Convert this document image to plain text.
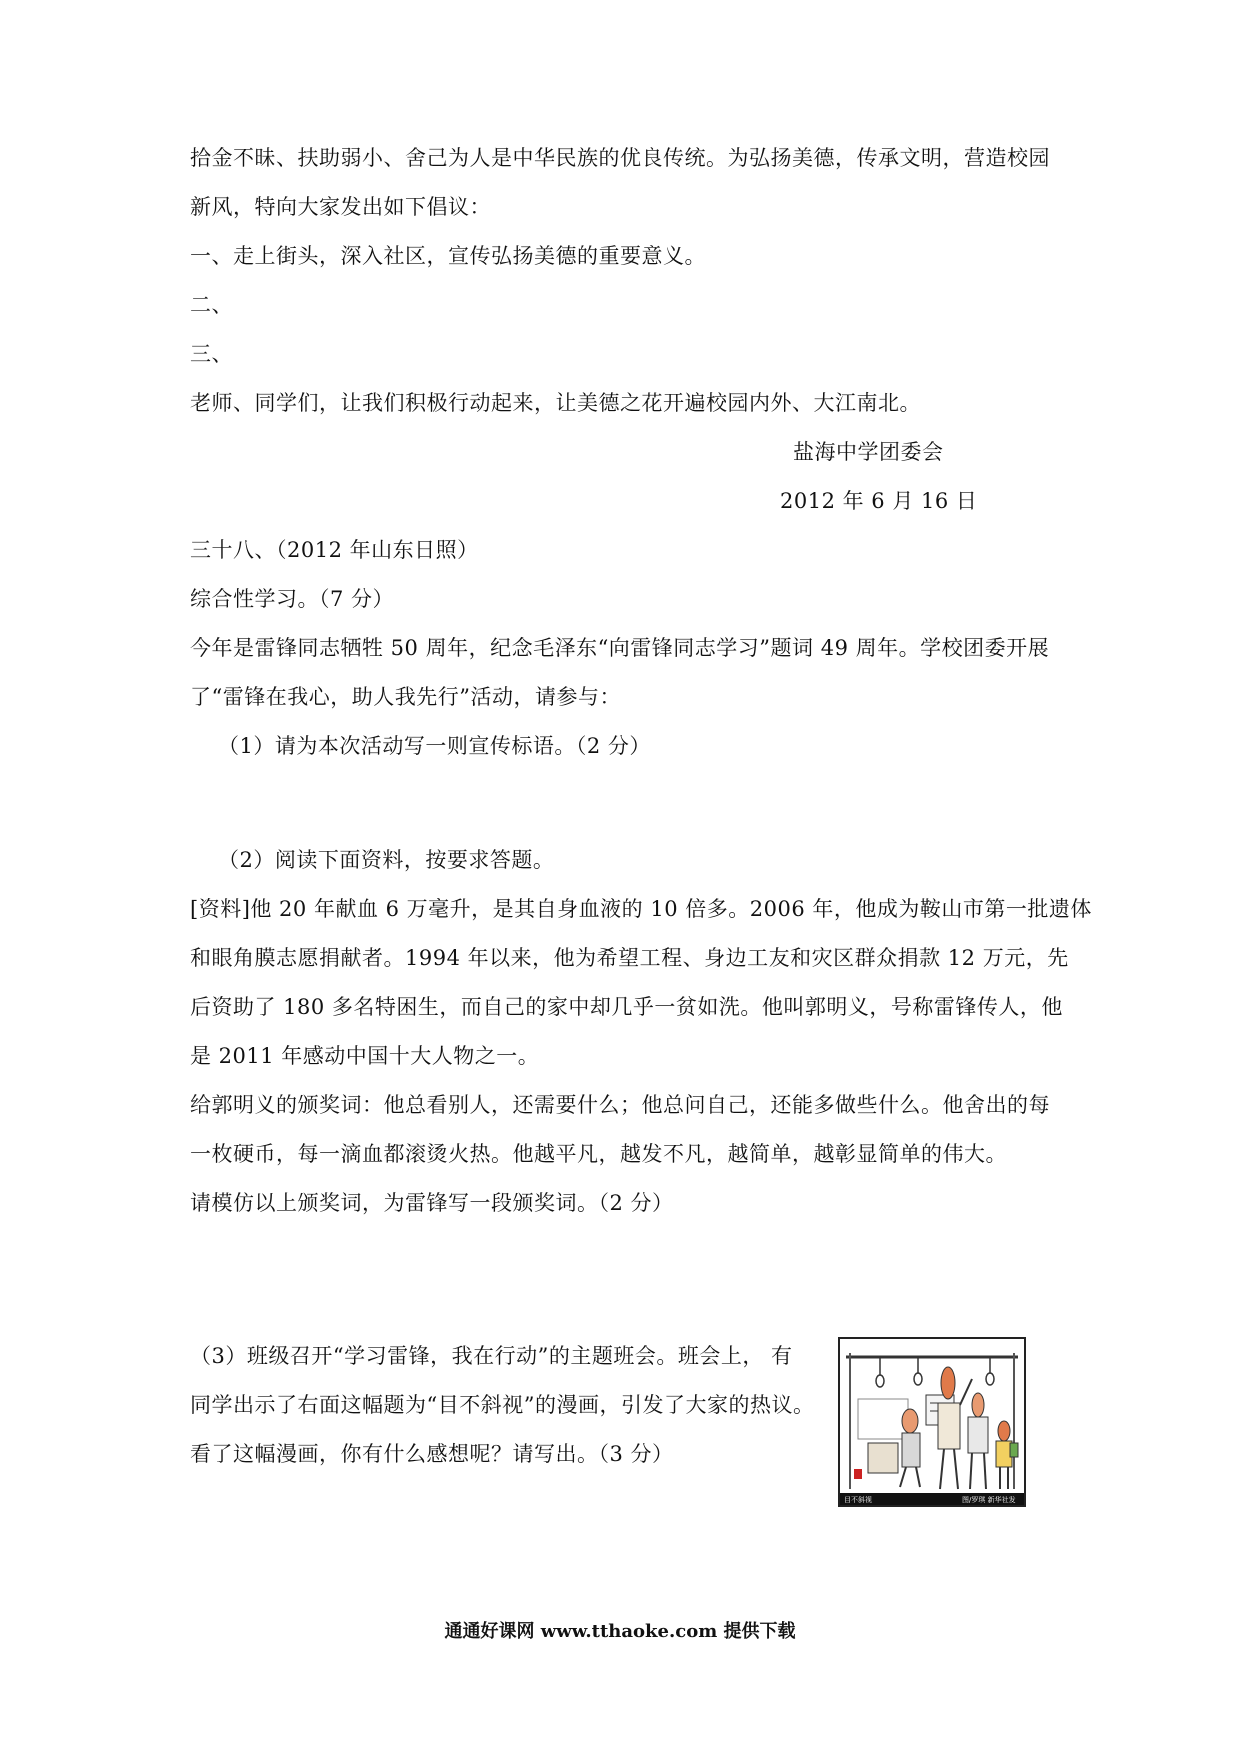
拾金不昧、扶助弱小、舍己为人是中华民族的优良传统。为弘扬美德，传承文明，营造校园
新风，特向大家发出如下倡议：
一、走上街头，深入社区，宣传弘扬美德的重要意义。
二、
三、
老师、同学们，让我们积极行动起来，让美德之花开遍校园内外、大江南北。
盐海中学团委会
2012 年 6 月 16 日
三十八、（2012 年山东日照）
综合性学习。（7 分）
今年是雷锋同志牺牲 50 周年，纪念毛泽东“向雷锋同志学习”题词 49 周年。学校团委开展
了“雷锋在我心，助人我先行”活动，请参与：
（1）请为本次活动写一则宣传标语。（2 分）
（2）阅读下面资料，按要求答题。
[资料]他 20 年献血 6 万毫升，是其自身血液的 10 倍多。2006 年，他成为鞍山市第一批遗体
和眼角膜志愿捐献者。1994 年以来，他为希望工程、身边工友和灾区群众捐款 12 万元，先
后资助了 180 多名特困生，而自己的家中却几乎一贫如洗。他叫郭明义，号称雷锋传人，他
是 2011 年感动中国十大人物之一。
给郭明义的颁奖词：他总看别人，还需要什么；他总问自己，还能多做些什么。他舍出的每
一枚硬币，每一滴血都滚烫火热。他越平凡，越发不凡，越简单，越彰显简单的伟大。
请模仿以上颁奖词，为雷锋写一段颁奖词。（2 分）
（3）班级召开“学习雷锋，我在行动”的主题班会。班会上， 有
同学出示了右面这幅题为“目不斜视”的漫画，引发了大家的热议。
看了这幅漫画，你有什么感想呢？请写出。（3 分）
目不斜视	图/罗琪 新华社发
通通好课网 www.tthaoke.com 提供下载
